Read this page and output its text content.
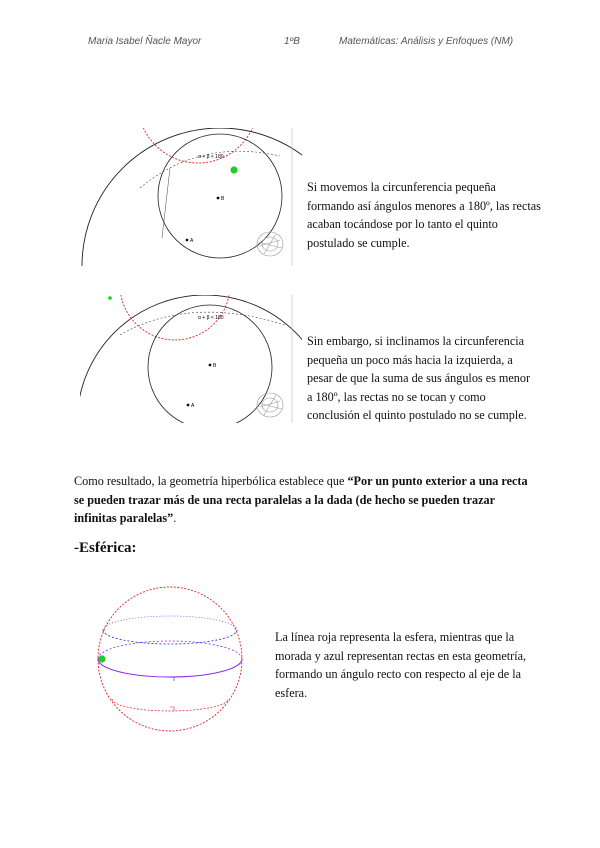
Maria Isabel Ñacle Mayor	1ºB	Matemáticas: Análisis y Enfoques (NM)
B
A
α + β < 180
Si movemos la circunferencia pequeña formando así ángulos menores a 180º, las rectas acaban tocándose por lo tanto el quinto postulado se cumple.
B
A
α + β < 180
Sin embargo, si inclinamos la circunferencia pequeña un poco más hacia la izquierda, a pesar de que la suma de sus ángulos es menor a 180º, las rectas no se tocan y como conclusión el quinto postulado no se cumple.
Como resultado, la geometría hiperbólica establece que “Por un punto exterior a una recta se pueden trazar más de una recta paralelas a la dada (de hecho se pueden trazar infinitas paralelas”.
-Esférica:
La línea roja representa la esfera, mientras que la morada y azul representan rectas en esta geometría, formando un ángulo recto con respecto al eje de la esfera.
